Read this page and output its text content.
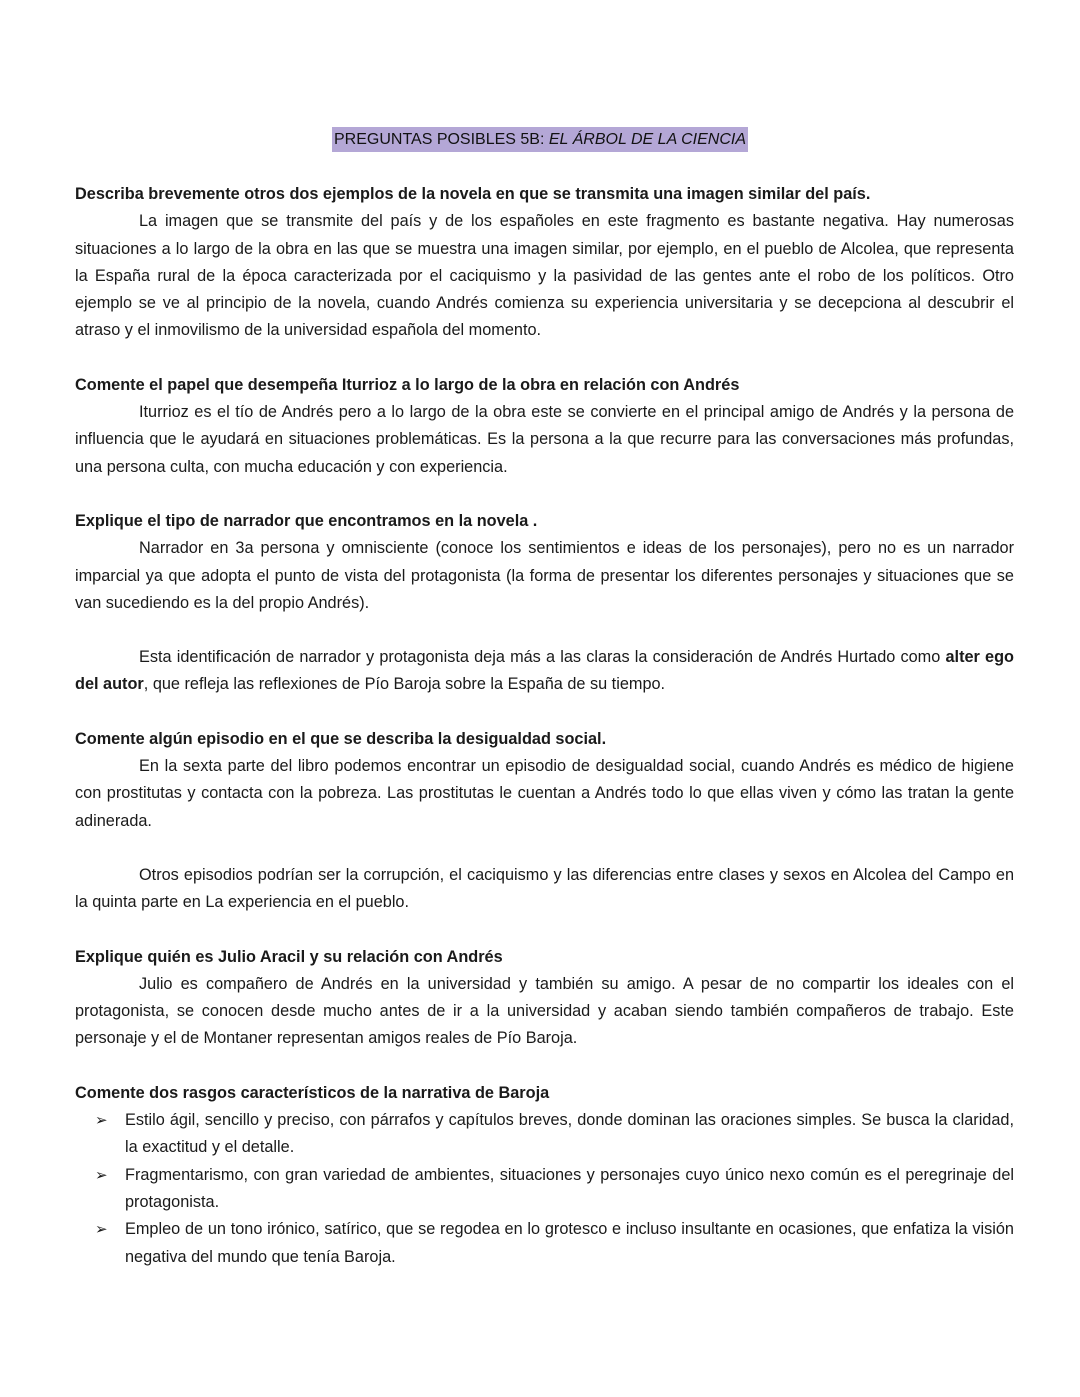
PREGUNTAS POSIBLES 5B: EL ÁRBOL DE LA CIENCIA

Describa brevemente otros dos ejemplos de la novela en que se transmita una imagen similar del país.

La imagen que se transmite del país y de los españoles en este fragmento es bastante negativa. Hay numerosas situaciones a lo largo de la obra en las que se muestra una imagen similar, por ejemplo, en el pueblo de Alcolea, que representa la España rural de la época caracterizada por el caciquismo y la pasividad de las gentes ante el robo de los políticos. Otro ejemplo se ve al principio de la novela, cuando Andrés comienza su experiencia universitaria y se decepciona al descubrir el atraso y el inmovilismo de la universidad española del momento.

Comente el papel que desempeña Iturrioz a lo largo de la obra en relación con Andrés

Iturrioz es el tío de Andrés pero a lo largo de la obra este se convierte en el principal amigo de Andrés y la persona de influencia que le ayudará en situaciones problemáticas. Es la persona a la que recurre para las conversaciones más profundas, una persona culta, con mucha educación y con experiencia.

Explique el tipo de narrador que encontramos en la novela .

Narrador en 3a persona y omnisciente (conoce los sentimientos e ideas de los personajes), pero no es un narrador imparcial ya que adopta el punto de vista del protagonista (la forma de presentar los diferentes personajes y situaciones que se van sucediendo es la del propio Andrés).

Esta identificación de narrador y protagonista deja más a las claras la consideración de Andrés Hurtado como alter ego del autor, que refleja las reflexiones de Pío Baroja sobre la España de su tiempo.

Comente algún episodio en el que se describa la desigualdad social.

En la sexta parte del libro podemos encontrar un episodio de desigualdad social, cuando Andrés es médico de higiene con prostitutas y contacta con la pobreza. Las prostitutas le cuentan a Andrés todo lo que ellas viven y cómo las tratan la gente adinerada.

Otros episodios podrían ser la corrupción, el caciquismo y las diferencias entre clases y sexos en Alcolea del Campo en la quinta parte en La experiencia en el pueblo.

Explique quién es Julio Aracil y su relación con Andrés

Julio es compañero de Andrés en la universidad y también su amigo. A pesar de no compartir los ideales con el protagonista, se conocen desde mucho antes de ir a la universidad y acaban siendo también compañeros de trabajo. Este personaje y el de Montaner representan amigos reales de Pío Baroja.

Comente dos rasgos característicos de la narrativa de Baroja

➢ Estilo ágil, sencillo y preciso, con párrafos y capítulos breves, donde dominan las oraciones simples. Se busca la claridad, la exactitud y el detalle.
➢ Fragmentarismo, con gran variedad de ambientes, situaciones y personajes cuyo único nexo común es el peregrinaje del protagonista.
➢ Empleo de un tono irónico, satírico, que se regodea en lo grotesco e incluso insultante en ocasiones, que enfatiza la visión negativa del mundo que tenía Baroja.
